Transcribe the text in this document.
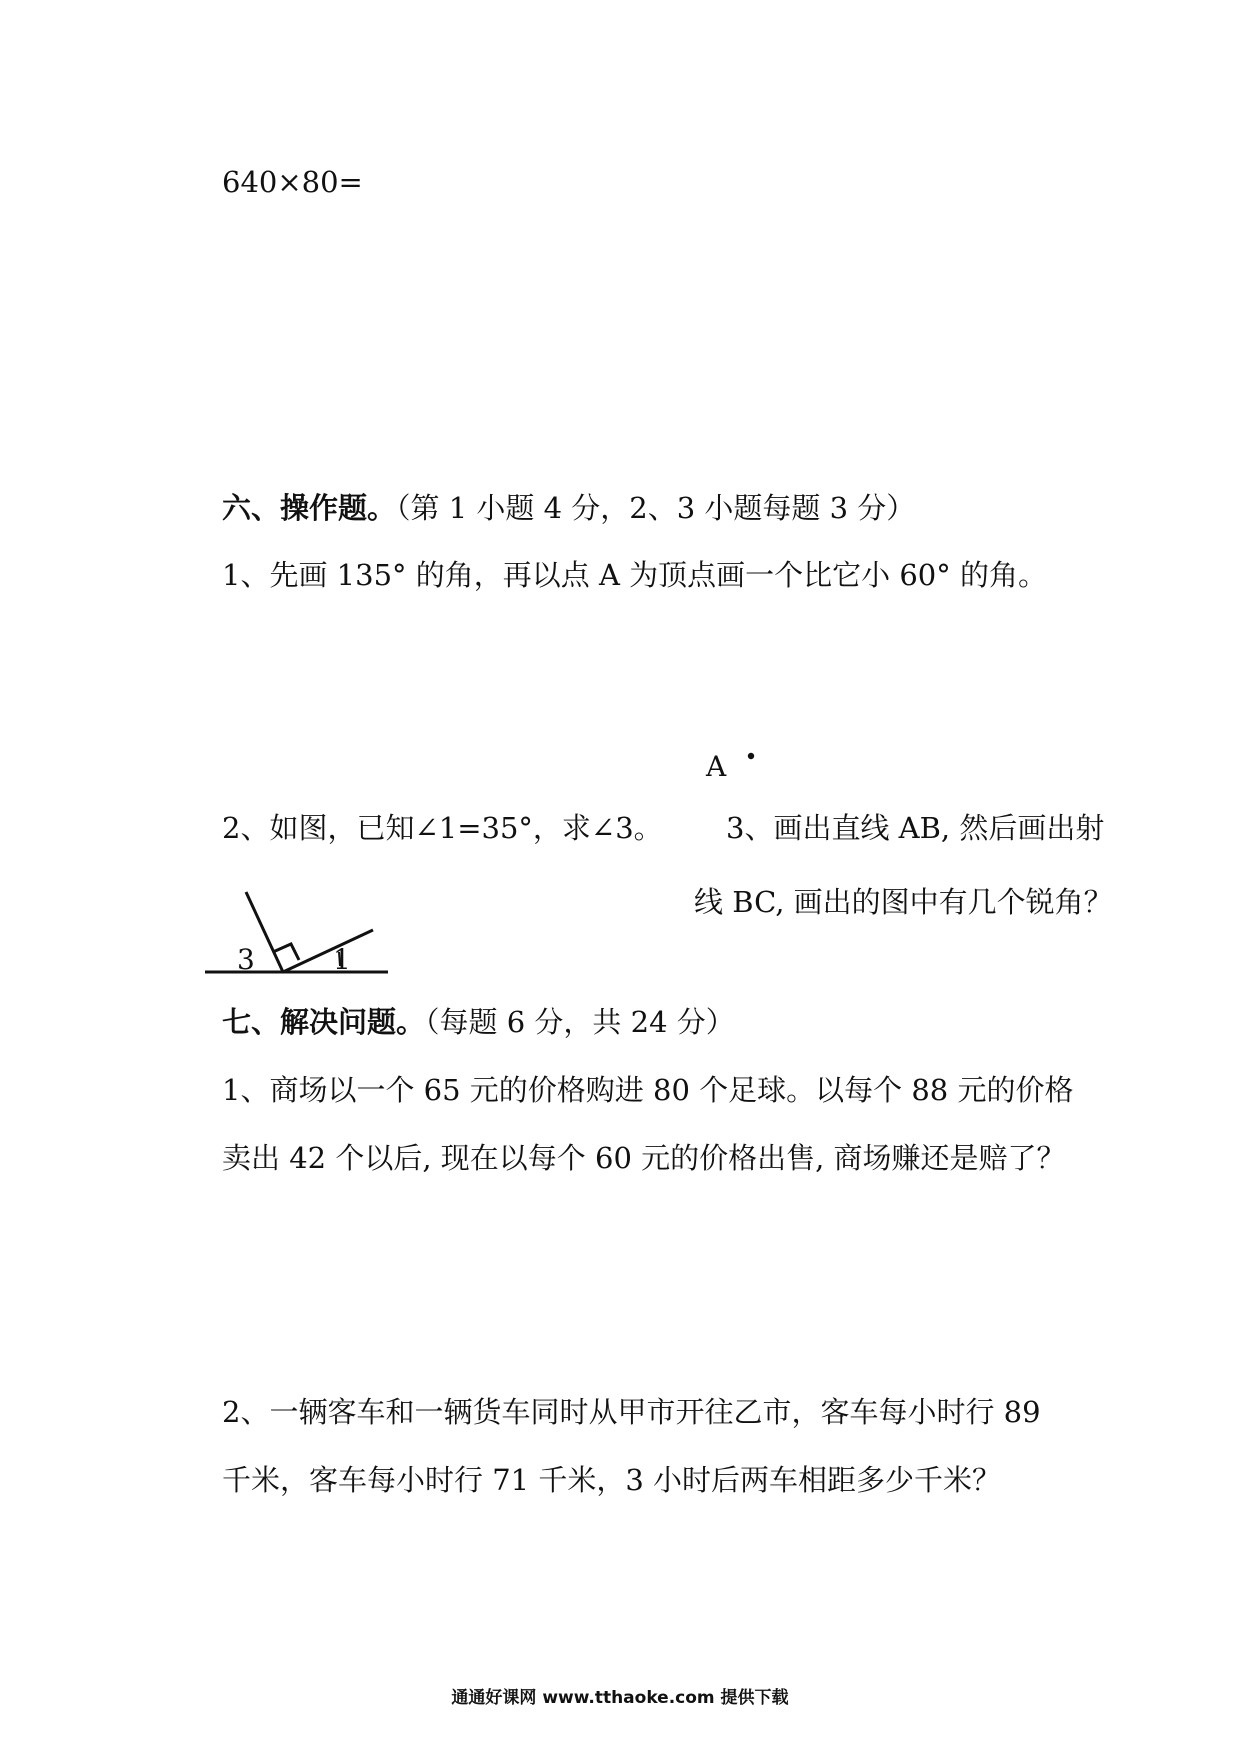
640×80=
六、操作题。（第 1 小题 4 分，2、3 小题每题 3 分）
1、先画 135° 的角，再以点 A 为顶点画一个比它小 60° 的角。
A
2、如图，已知∠1=35°，求∠3。 3、画出直线 AB, 然后画出射
线 BC, 画出的图中有几个锐角？
3	1
七、解决问题。（每题 6 分，共 24 分）
1、商场以一个 65 元的价格购进 80 个足球。以每个 88 元的价格
卖出 42 个以后, 现在以每个 60 元的价格出售, 商场赚还是赔了？
2、一辆客车和一辆货车同时从甲市开往乙市，客车每小时行 89
千米，客车每小时行 71 千米，3 小时后两车相距多少千米？
通通好课网 www.tthaoke.com 提供下载
